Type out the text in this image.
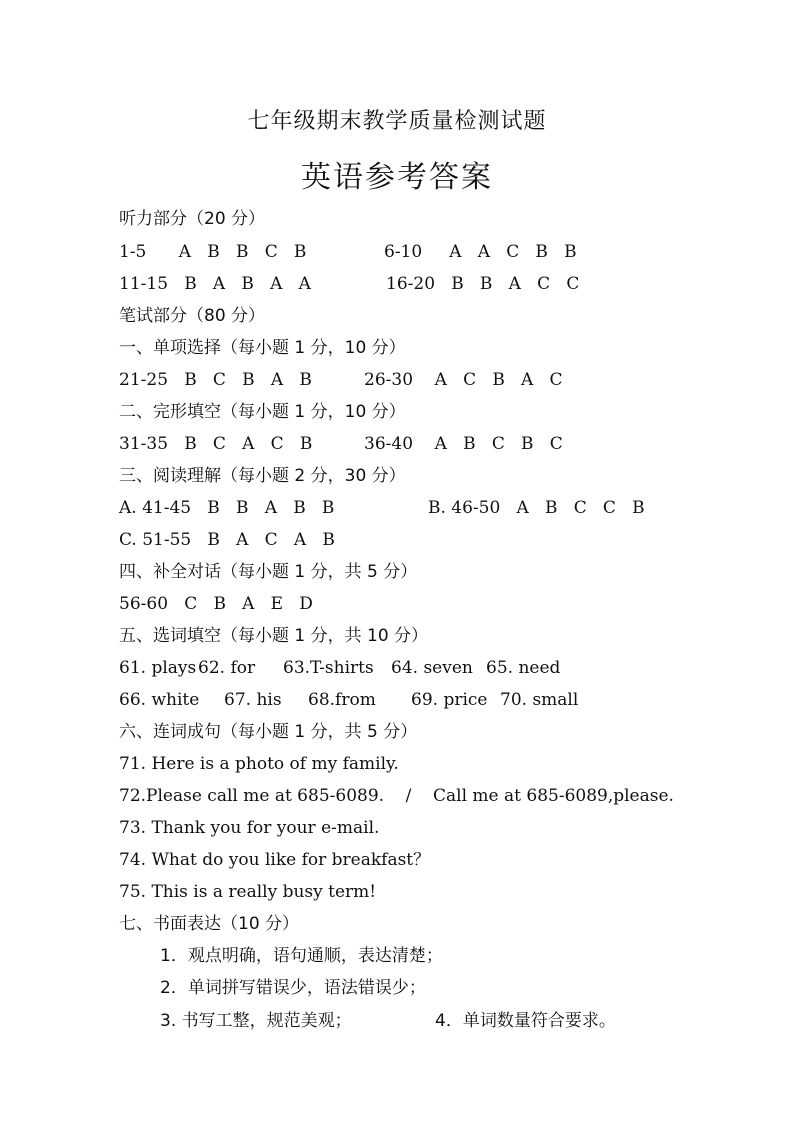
七年级期末教学质量检测试题
英语参考答案
听力部分（20 分）
1-5      A   B   B   C   B	6-10     A   A   C   B   B
11-15   B   A   B   A   A	16-20   B   B   A   C   C
笔试部分（80 分）
一、单项选择（每小题 1 分，10 分）
21-25   B   C   B   A   B	26-30    A   C   B   A   C
二、完形填空（每小题 1 分，10 分）
31-35   B   C   A   C   B	36-40    A   B   C   B   C
三、阅读理解（每小题 2 分，30 分）
A. 41-45   B   B   A   B   B	B. 46-50   A   B   C   C   B
C. 51-55   B   A   C   A   B
四、补全对话（每小题 1 分，共 5 分）
56-60   C   B   A   E   D
五、选词填空（每小题 1 分，共 10 分）
61. plays 62. for 63.T-shirts 64. seven 65. need
66. white 67. his 68.from 69. price 70. small
六、连词成句（每小题 1 分，共 5 分）
71. Here is a photo of my family.
72.Please call me at 685-6089.    /    Call me at 685-6089,please.
73. Thank you for your e-mail.
74. What do you like for breakfast？
75. This is a really busy term!
七、书面表达（10 分）
1．观点明确，语句通顺，表达清楚；
2．单词拼写错误少，语法错误少；
3. 书写工整，规范美观；	4．单词数量符合要求。
